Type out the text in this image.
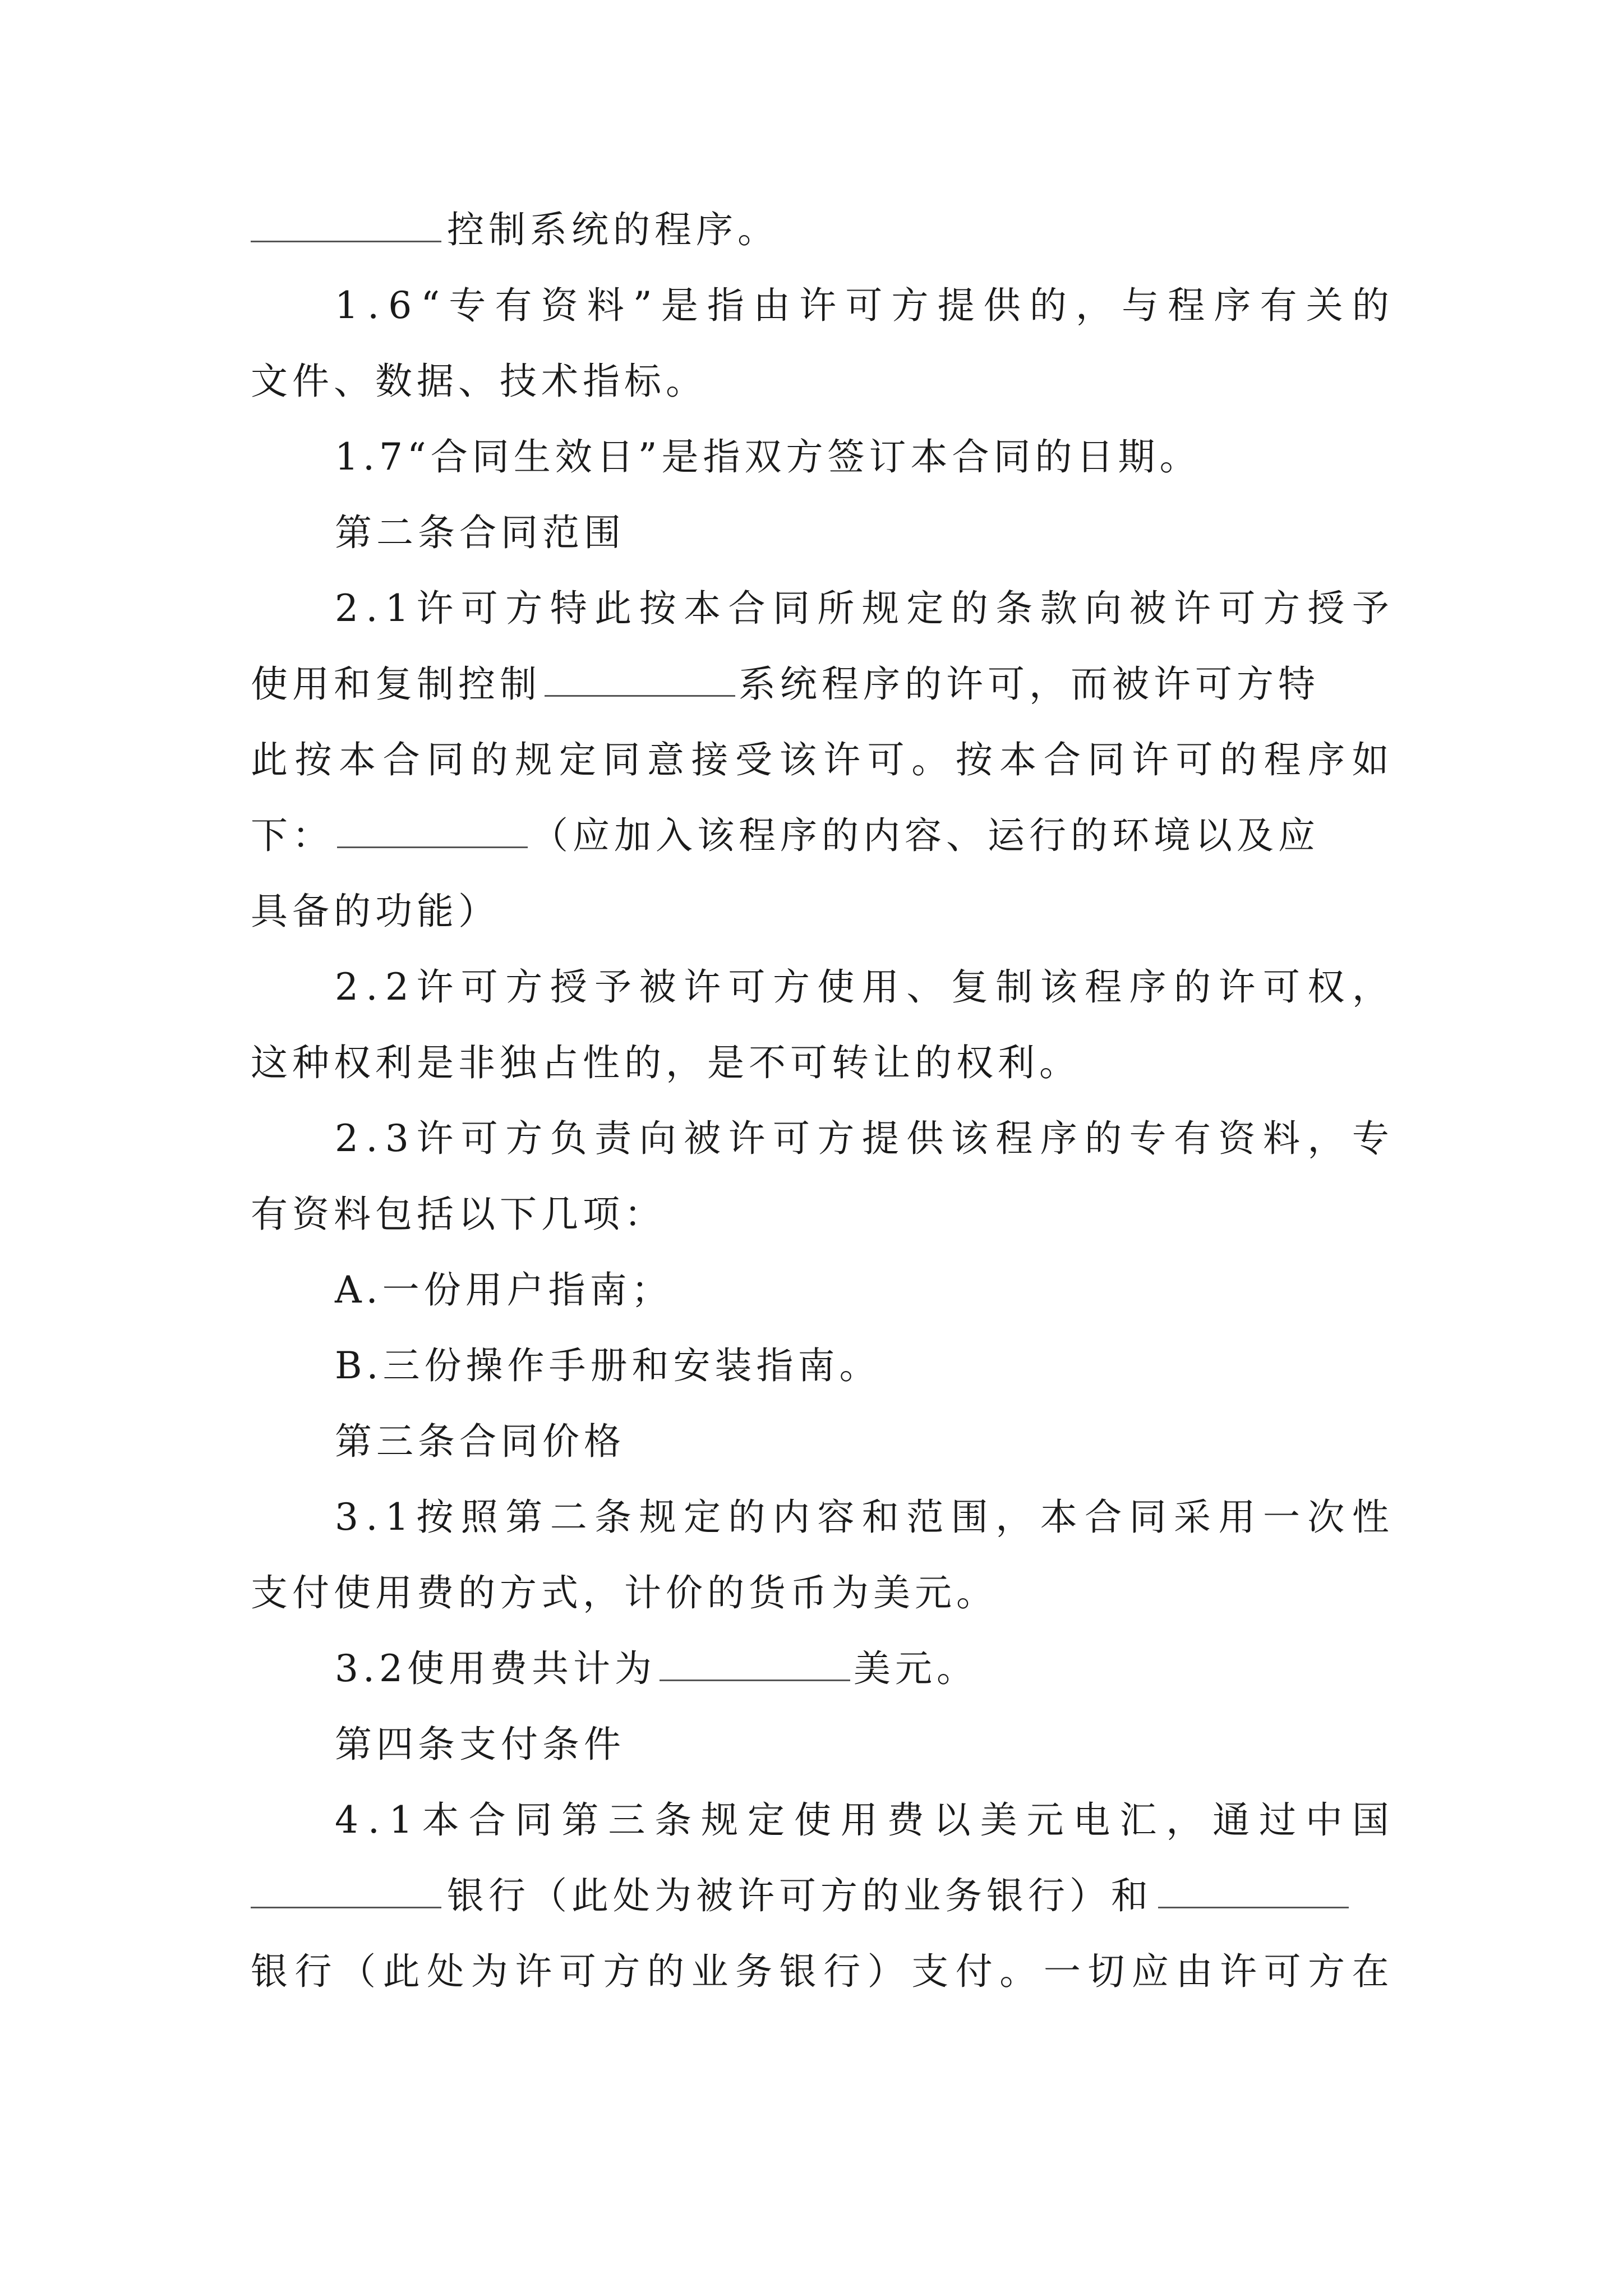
控制系统的程序。
1 . 6 “ 专 有 资 料 ” 是 指 由 许 可 方 提 供 的 ， 与 程 序 有 关 的
文件、数据、技术指标。
1.7“合同生效日”是指双方签订本合同的日期。
第二条合同范围
2 . 1 许 可 方 特 此 按 本 合 同 所 规 定 的 条 款 向 被 许 可 方 授 予
使用和复制控制	系统程序的许可，而被许可方特
此 按 本 合 同 的 规 定 同 意 接 受 该 许 可 。 按 本 合 同 许 可 的 程 序 如
下：	（应加入该程序的内容、运行的环境以及应
具备的功能）
2 . 2 许 可 方 授 予 被 许 可 方 使 用 、 复 制 该 程 序 的 许 可 权 ，
这种权利是非独占性的，是不可转让的权利。
2 . 3 许 可 方 负 责 向 被 许 可 方 提 供 该 程 序 的 专 有 资 料 ， 专
有资料包括以下几项：
A.一份用户指南；
B.三份操作手册和安装指南。
第三条合同价格
3 . 1 按 照 第 二 条 规 定 的 内 容 和 范 围 ， 本 合 同 采 用 一 次 性
支付使用费的方式，计价的货币为美元。
3.2使用费共计为	美元。
第四条支付条件
4 . 1 本 合 同 第 三 条 规 定 使 用 费 以 美 元 电 汇 ， 通 过 中 国
银行（此处为被许可方的业务银行）和
银 行 （ 此 处 为 许 可 方 的 业 务 银 行 ） 支 付 。 一 切 应 由 许 可 方 在
